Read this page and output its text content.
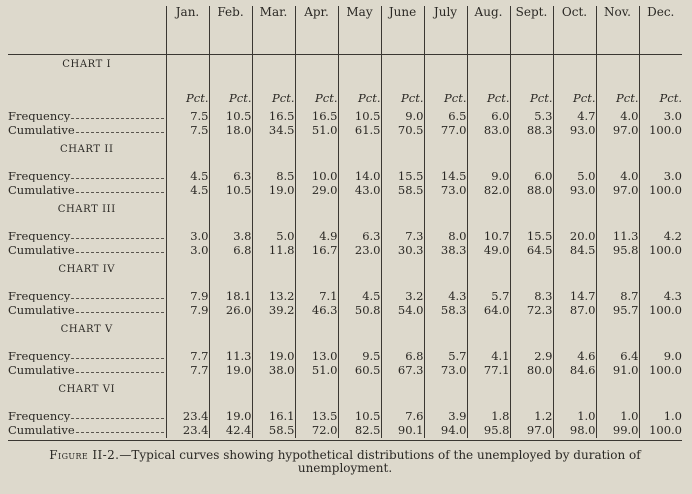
	Jan.	Feb.	Mar.	Apr.	May	June	July	Aug.	Sept.	Oct.	Nov.	Dec.
CHART I												
	Pct.	Pct.	Pct.	Pct.	Pct.	Pct.	Pct.	Pct.	Pct.	Pct.	Pct.	Pct.

Frequency	7.5	10.5	16.5	16.5	10.5	9.0	6.5	6.0	5.3	4.7	4.0	3.0

Cumulative	7.5	18.0	34.5	51.0	61.5	70.5	77.0	83.0	88.3	93.0	97.0	100.0
CHART II												

Frequency	4.5	6.3	8.5	10.0	14.0	15.5	14.5	9.0	6.0	5.0	4.0	3.0

Cumulative	4.5	10.5	19.0	29.0	43.0	58.5	73.0	82.0	88.0	93.0	97.0	100.0
CHART III												

Frequency	3.0	3.8	5.0	4.9	6.3	7.3	8.0	10.7	15.5	20.0	11.3	4.2

Cumulative	3.0	6.8	11.8	16.7	23.0	30.3	38.3	49.0	64.5	84.5	95.8	100.0
CHART IV												

Frequency	7.9	18.1	13.2	7.1	4.5	3.2	4.3	5.7	8.3	14.7	8.7	4.3

Cumulative	7.9	26.0	39.2	46.3	50.8	54.0	58.3	64.0	72.3	87.0	95.7	100.0
CHART V												

Frequency	7.7	11.3	19.0	13.0	9.5	6.8	5.7	4.1	2.9	4.6	6.4	9.0

Cumulative	7.7	19.0	38.0	51.0	60.5	67.3	73.0	77.1	80.0	84.6	91.0	100.0
CHART VI												

Frequency	23.4	19.0	16.1	13.5	10.5	7.6	3.9	1.8	1.2	1.0	1.0	1.0

Cumulative	23.4	42.4	58.5	72.0	82.5	90.1	94.0	95.8	97.0	98.0	99.0	100.0
Figure II-2.—Typical curves showing hypothetical distributions of the unemployed by duration of unemployment.
